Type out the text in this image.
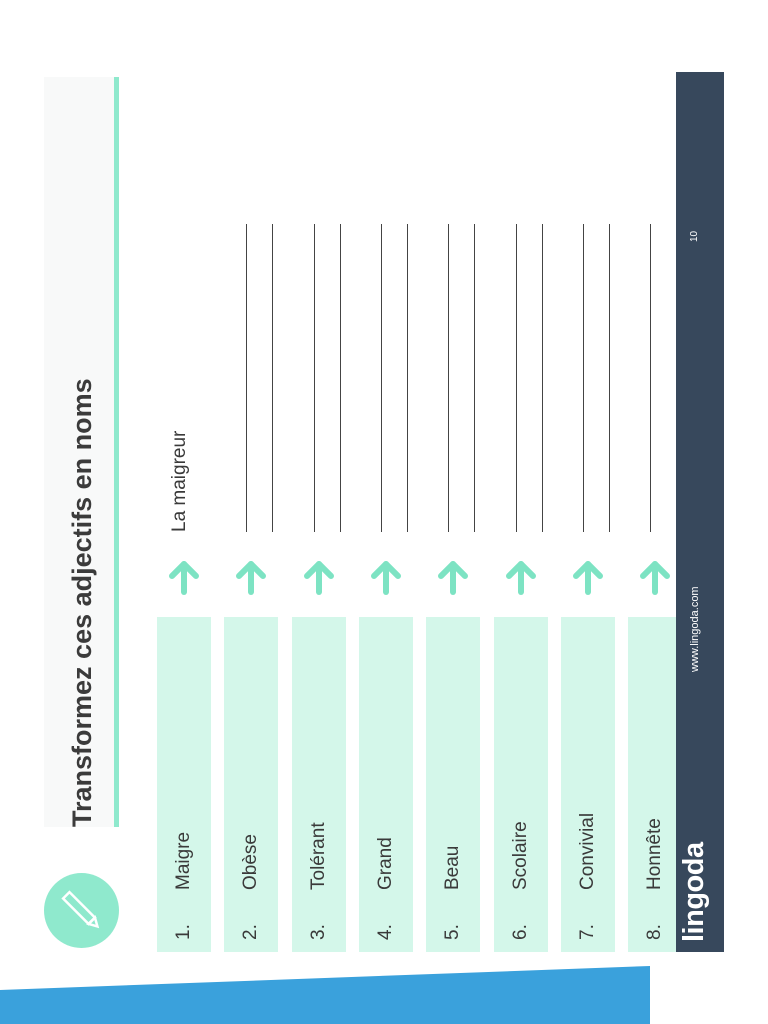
Transformez ces adjectifs en noms
1.
Maigre
La maigreur
2.
Obèse
3.
Tolérant
4.
Grand
5.
Beau
6.
Scolaire
7.
Convivial
8.
Honnête lingoda
www.lingoda.com
10
